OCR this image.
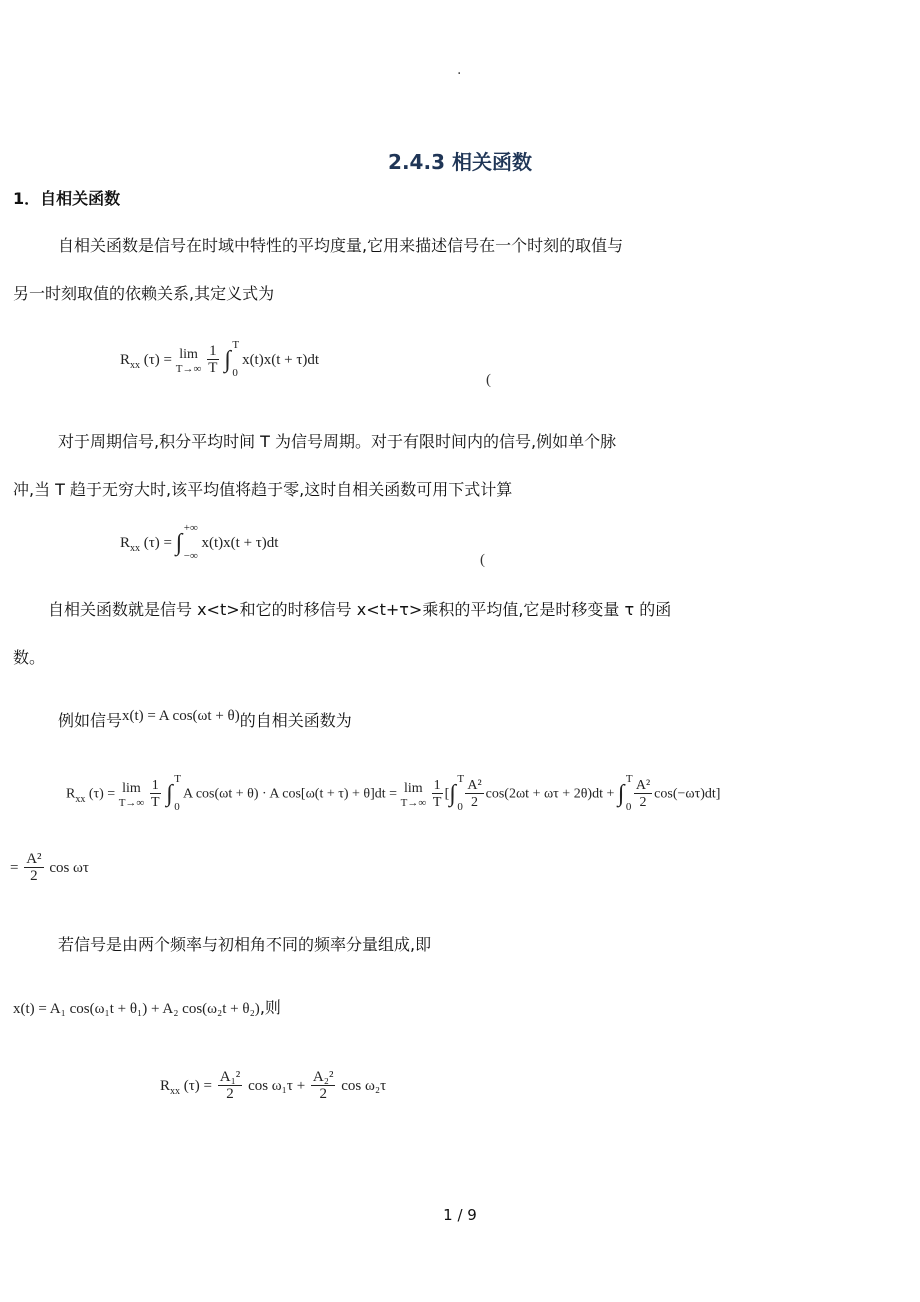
.
2.4.3 相关函数
1．自相关函数
自相关函数是信号在时域中特性的平均度量,它用来描述信号在一个时刻的取值与
另一时刻取值的依赖关系,其定义式为
$R_{xx}$ (τ) = lim
T→∞
$\frac{1}{T}$ ∫
T
0
x(t)x(t + τ)dt
(
对于周期信号,积分平均时间 T 为信号周期。对于有限时间内的信号,例如单个脉
冲,当 T 趋于无穷大时,该平均值将趋于零,这时自相关函数可用下式计算
$R_{xx}$ (τ) = ∫
+∞
−∞
x(t)x(t + τ)dt
(
自相关函数就是信号 x<t>和它的时移信号 x<t+τ>乘积的平均值,它是时移变量 τ 的函
数。
例如信号x(t) = A cos(ωt + θ)的自相关函数为
$R_{xx}$ (τ) = lim
T→∞
$\frac{1}{T}$ ∫
T
0
A cos(ωt + θ) · A cos[ω(t + τ) + θ]dt = lim
T→∞
$\frac{1}{T}$ [∫
T
$0 \frac{\text{A²}}{2} \cos(2\omega t + \omega\tau + 2\theta)dt$ + ∫
T
$0 \frac{\text{A²}}{2} \cos(-\omega\tau)dt$]
= $\frac{\text{A²}}{2}$ cos ωτ
若信号是由两个频率与初相角不同的频率分量组成,即
x(t) = A₁ cos(ω₁t + θ₁) + A₂ cos(ω₂t + θ₂),则
$R_{xx}$ $(\tau) = \frac{\text{A₁²}}{2}$ $\cos \omega_1\tau + \frac{\text{A₂²}}{2}$ cos ω₂τ
1 / 9
